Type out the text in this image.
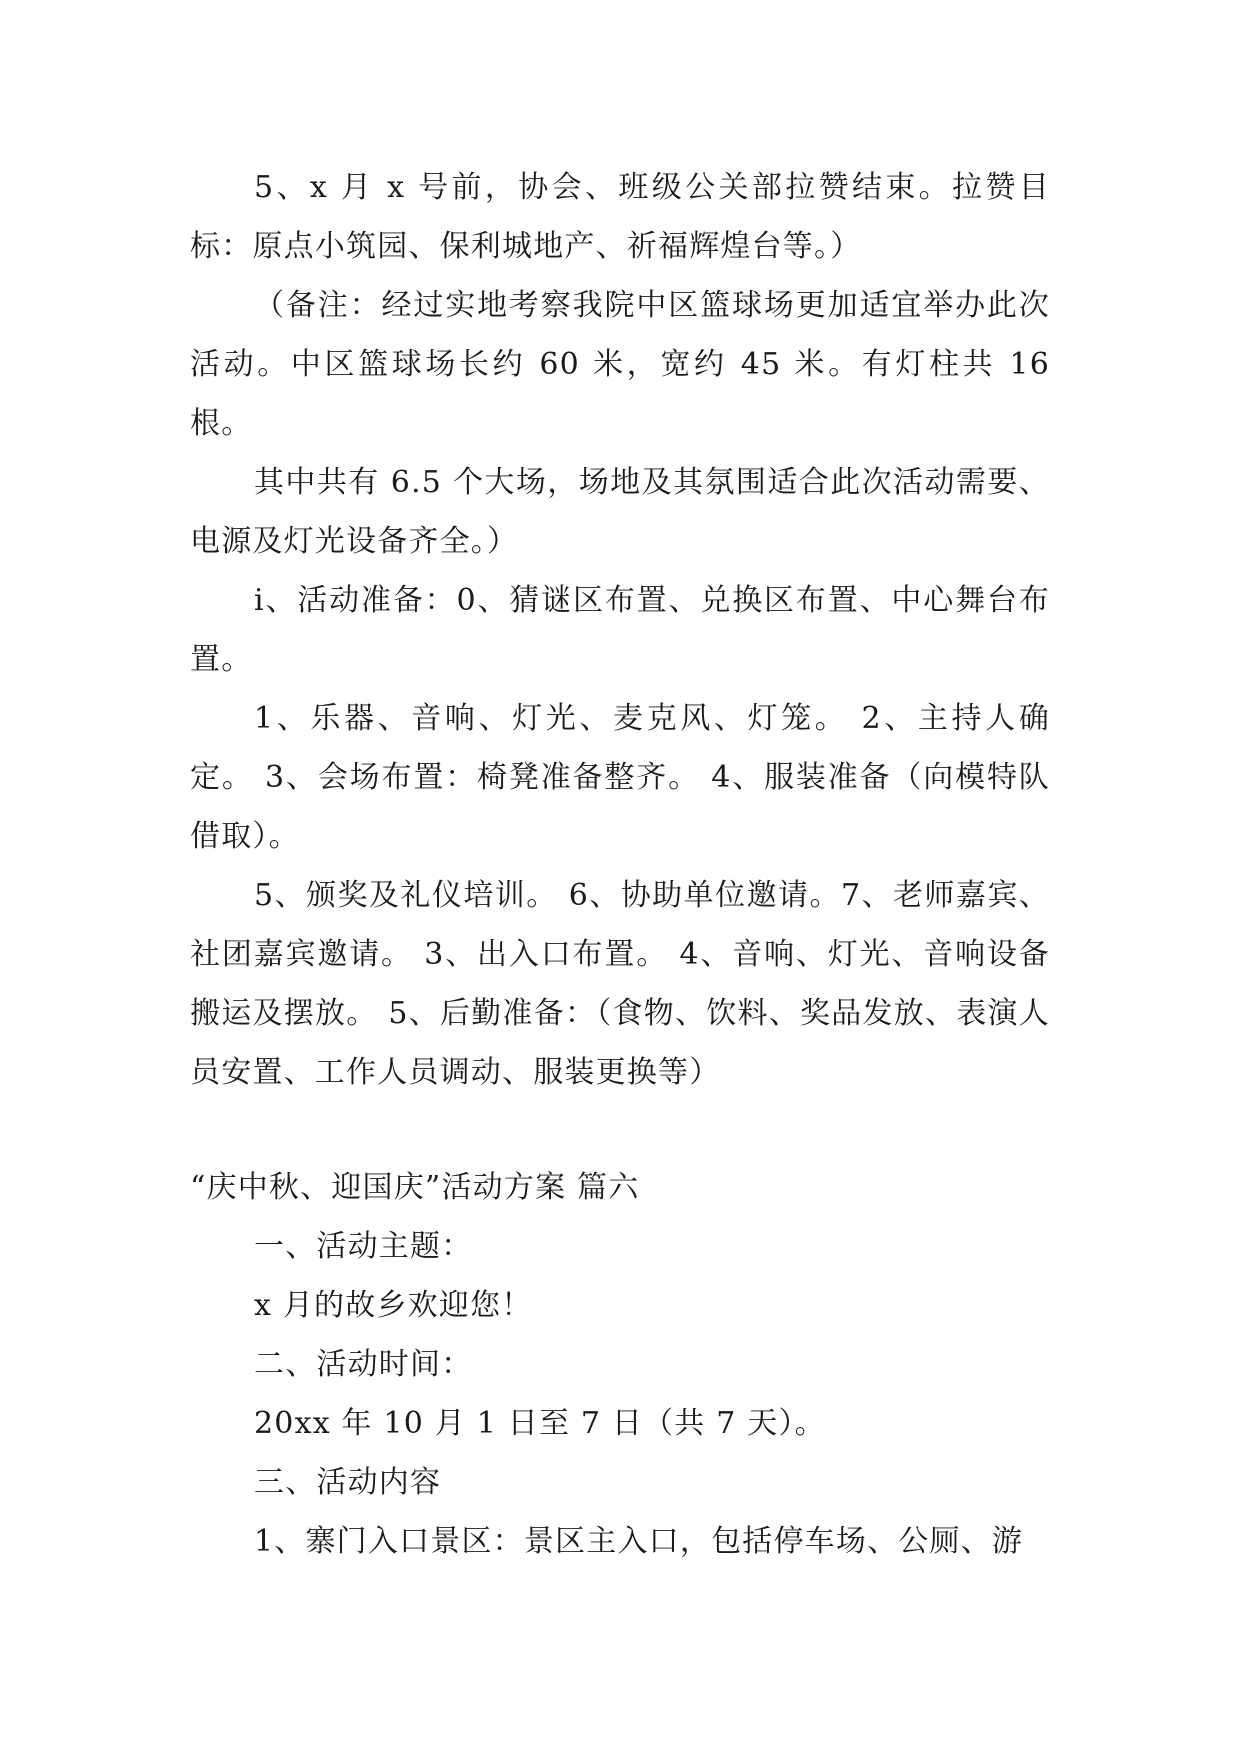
5、x 月 x 号前，协会、班级公关部拉赞结束。拉赞目标：原点小筑园、保利城地产、祈福辉煌台等。）

（备注：经过实地考察我院中区篮球场更加适宜举办此次活动。中区篮球场长约 60 米，宽约 45 米。有灯柱共 16 根。

其中共有 6.5 个大场，场地及其氛围适合此次活动需要、电源及灯光设备齐全。）

i、活动准备：0、猜谜区布置、兑换区布置、中心舞台布置。

1、乐器、音响、灯光、麦克风、灯笼。 2、主持人确定。 3、会场布置：椅凳准备整齐。 4、服装准备（向模特队借取）。

5、颁奖及礼仪培训。 6、协助单位邀请。7、老师嘉宾、社团嘉宾邀请。 3、出入口布置。 4、音响、灯光、音响设备搬运及摆放。 5、后勤准备：（食物、饮料、奖品发放、表演人员安置、工作人员调动、服装更换等）

“庆中秋、迎国庆”活动方案 篇六

一、活动主题：

x 月的故乡欢迎您！

二、活动时间：

20xx 年 10 月 1 日至 7 日（共 7 天）。

三、活动内容

1、寨门入口景区：景区主入口，包括停车场、公厕、游
